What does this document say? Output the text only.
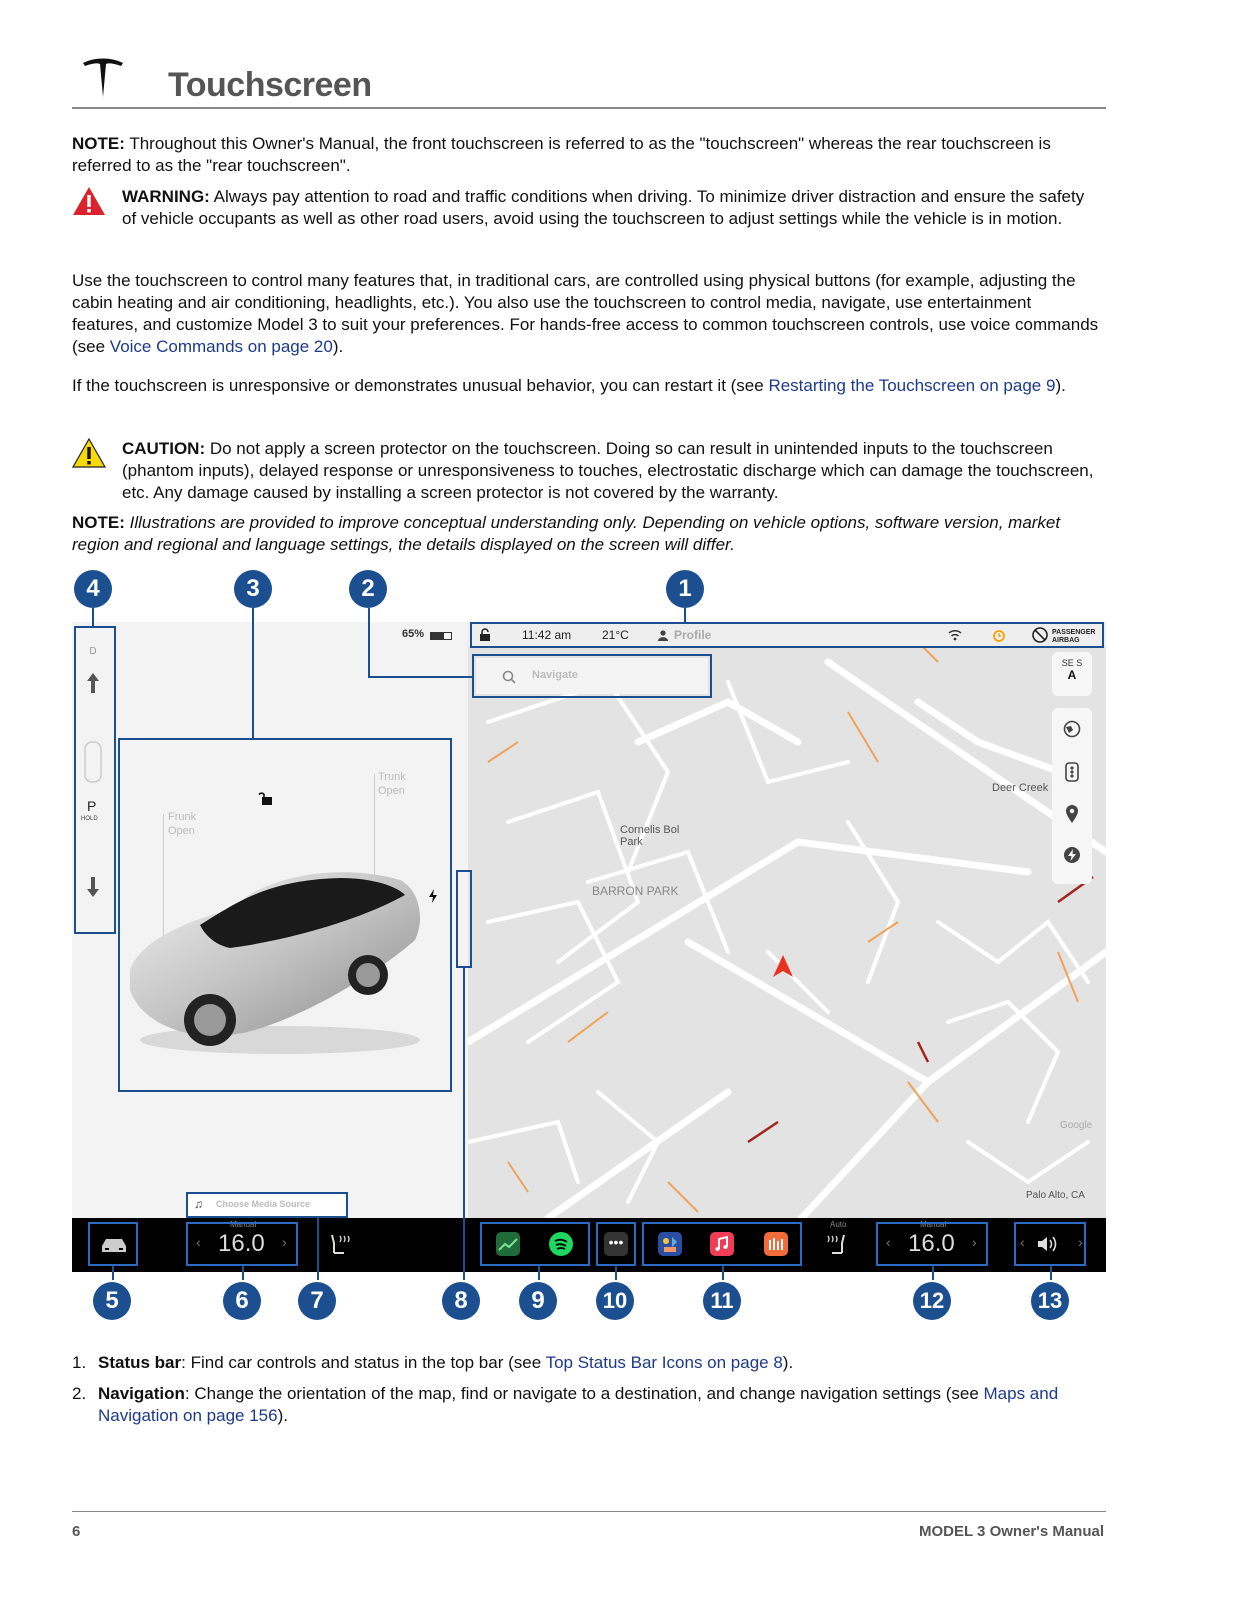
Touchscreen
NOTE: Throughout this Owner's Manual, the front touchscreen is referred to as the "touchscreen" whereas the rear touchscreen is referred to as the "rear touchscreen".
WARNING: Always pay attention to road and traffic conditions when driving. To minimize driver distraction and ensure the safety of vehicle occupants as well as other road users, avoid using the touchscreen to adjust settings while the vehicle is in motion.
Use the touchscreen to control many features that, in traditional cars, are controlled using physical buttons (for example, adjusting the cabin heating and air conditioning, headlights, etc.). You also use the touchscreen to control media, navigate, use entertainment features, and customize Model 3 to suit your preferences. For hands-free access to common touchscreen controls, use voice commands (see Voice Commands on page 20).
If the touchscreen is unresponsive or demonstrates unusual behavior, you can restart it (see Restarting the Touchscreen on page 9).
CAUTION: Do not apply a screen protector on the touchscreen. Doing so can result in unintended inputs to the touchscreen (phantom inputs), delayed response or unresponsiveness to touches, electrostatic discharge which can damage the touchscreen, etc. Any damage caused by installing a screen protector is not covered by the warranty.
NOTE: Illustrations are provided to improve conceptual understanding only. Depending on vehicle options, software version, market region and regional and language settings, the details displayed on the screen will differ.
BARRON PARK
Cornelis Bol Park
Deer Creek
Palo Alto, CA
Google
SE S
A
65%	11:42 am	21°C	Profile	PASSENGER AIRBAG
Navigate
D
P
HOLD	Frunk Open
Trunk Open
♫ Choose Media Source
Manual
‹ 16.0 ›	•••
Auto	Manual
‹ 16.0 ›	‹	›
4	3	2	1
5	6	7	8	9	10	11	12	13
1. Status bar: Find car controls and status in the top bar (see Top Status Bar Icons on page 8).
2. Navigation: Change the orientation of the map, find or navigate to a destination, and change navigation settings (see Maps and Navigation on page 156).
6	MODEL 3 Owner's Manual
